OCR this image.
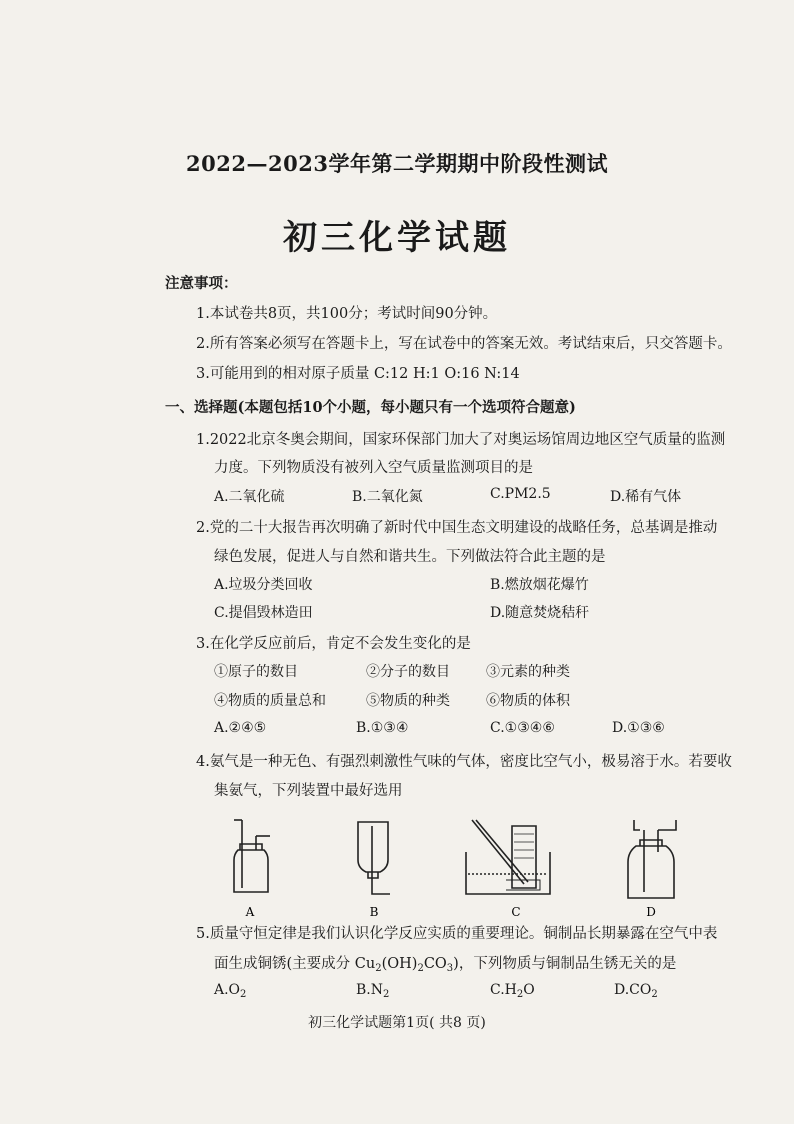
2022—2023学年第二学期期中阶段性测试
初三化学试题
注意事项：
1.本试卷共8页，共100分；考试时间90分钟。
2.所有答案必须写在答题卡上，写在试卷中的答案无效。考试结束后，只交答题卡。
3.可能用到的相对原子质量 C:12 H:1 O:16 N:14
一、选择题(本题包括10个小题，每小题只有一个选项符合题意)
1.2022北京冬奥会期间，国家环保部门加大了对奥运场馆周边地区空气质量的监测
力度。下列物质没有被列入空气质量监测项目的是
A.二氧化硫	B.二氧化氮	C.PM2.5	D.稀有气体
2.党的二十大报告再次明确了新时代中国生态文明建设的战略任务，总基调是推动
绿色发展，促进人与自然和谐共生。下列做法符合此主题的是
A.垃圾分类回收	B.燃放烟花爆竹
C.提倡毁林造田	D.随意焚烧秸秆
3.在化学反应前后，肯定不会发生变化的是
①原子的数目	②分子的数目	③元素的种类
④物质的质量总和	⑤物质的种类	⑥物质的体积
A.②④⑤	B.①③④	C.①③④⑥	D.①③⑥
4.氨气是一种无色、有强烈刺激性气味的气体，密度比空气小，极易溶于水。若要收
集氨气，下列装置中最好选用
A	B	C	D
5.质量守恒定律是我们认识化学反应实质的重要理论。铜制品长期暴露在空气中表
面生成铜锈(主要成分 $Cu_2(OH)_2CO_3$)，下列物质与铜制品生锈无关的是
$A.O_2$	$B.N_2$	$C.H_2O$	$D.CO_2$
初三化学试题第1页( 共8 页)
